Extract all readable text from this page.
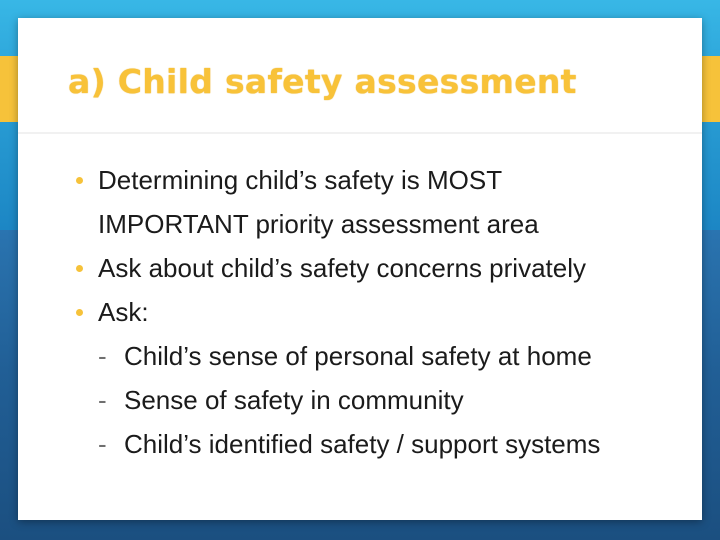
a) Child safety assessment
Determining child’s safety is MOST
IMPORTANT priority assessment area
Ask about child’s safety concerns privately
Ask:
- Child’s sense of personal safety at home
- Sense of safety in community
- Child’s identified safety / support systems
